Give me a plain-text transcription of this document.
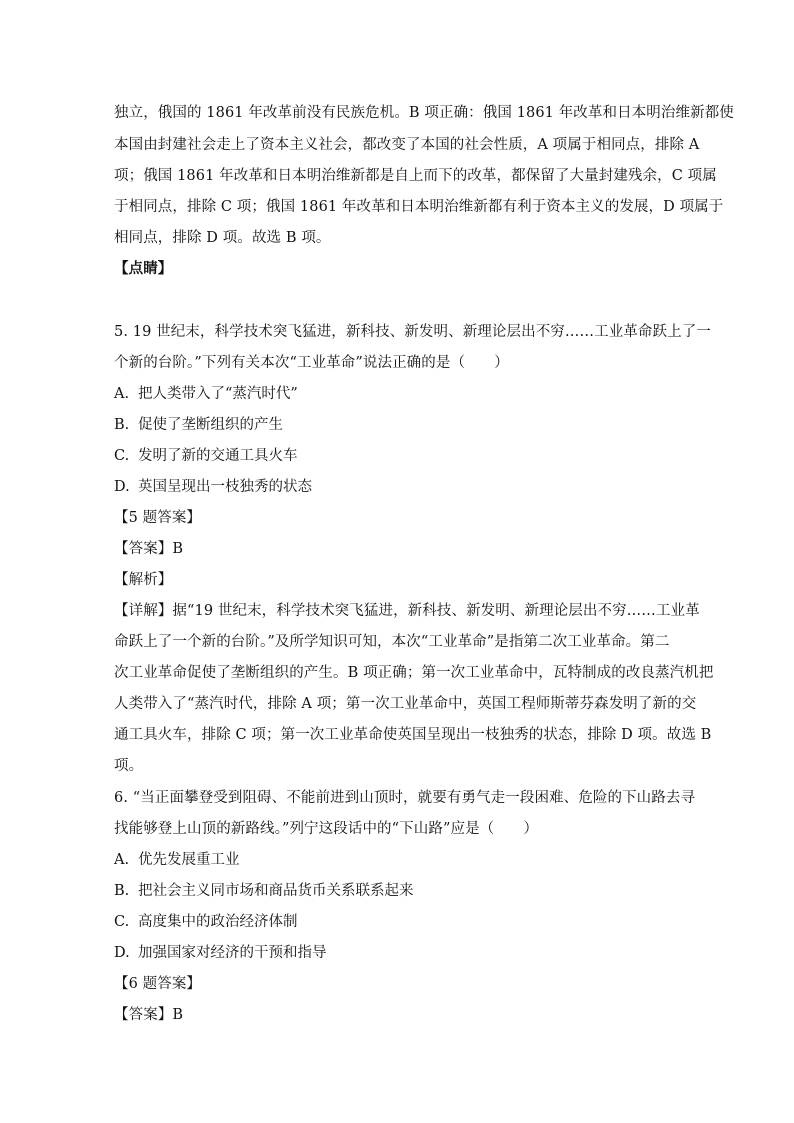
独立，俄国的 1861 年改革前没有民族危机。B 项正确：俄国 1861 年改革和日本明治维新都使
本国由封建社会走上了资本主义社会，都改变了本国的社会性质，A 项属于相同点，排除 A
项；俄国 1861 年改革和日本明治维新都是自上而下的改革，都保留了大量封建残余，C 项属
于相同点，排除 C 项；俄国 1861 年改革和日本明治维新都有利于资本主义的发展，D 项属于
相同点，排除 D 项。故选 B 项。
【点睛】
5. 19 世纪末，科学技术突飞猛进，新科技、新发明、新理论层出不穷……工业革命跃上了一
个新的台阶。”下列有关本次“工业革命”说法正确的是（　　）
A. 把人类带入了“蒸汽时代”
B. 促使了垄断组织的产生
C. 发明了新的交通工具火车
D. 英国呈现出一枝独秀的状态
【5 题答案】
【答案】B
【解析】
【详解】据“19 世纪末，科学技术突飞猛进，新科技、新发明、新理论层出不穷……工业革
命跃上了一个新的台阶。”及所学知识可知，本次“工业革命”是指第二次工业革命。第二
次工业革命促使了垄断组织的产生。B 项正确；第一次工业革命中，瓦特制成的改良蒸汽机把
人类带入了“蒸汽时代，排除 A 项；第一次工业革命中，英国工程师斯蒂芬森发明了新的交
通工具火车，排除 C 项；第一次工业革命使英国呈现出一枝独秀的状态，排除 D 项。故选 B
项。
6. “当正面攀登受到阻碍、不能前进到山顶时，就要有勇气走一段困难、危险的下山路去寻
找能够登上山顶的新路线。”列宁这段话中的“下山路”应是（　　）
A. 优先发展重工业
B. 把社会主义同市场和商品货币关系联系起来
C. 高度集中的政治经济体制
D. 加强国家对经济的干预和指导
【6 题答案】
【答案】B
